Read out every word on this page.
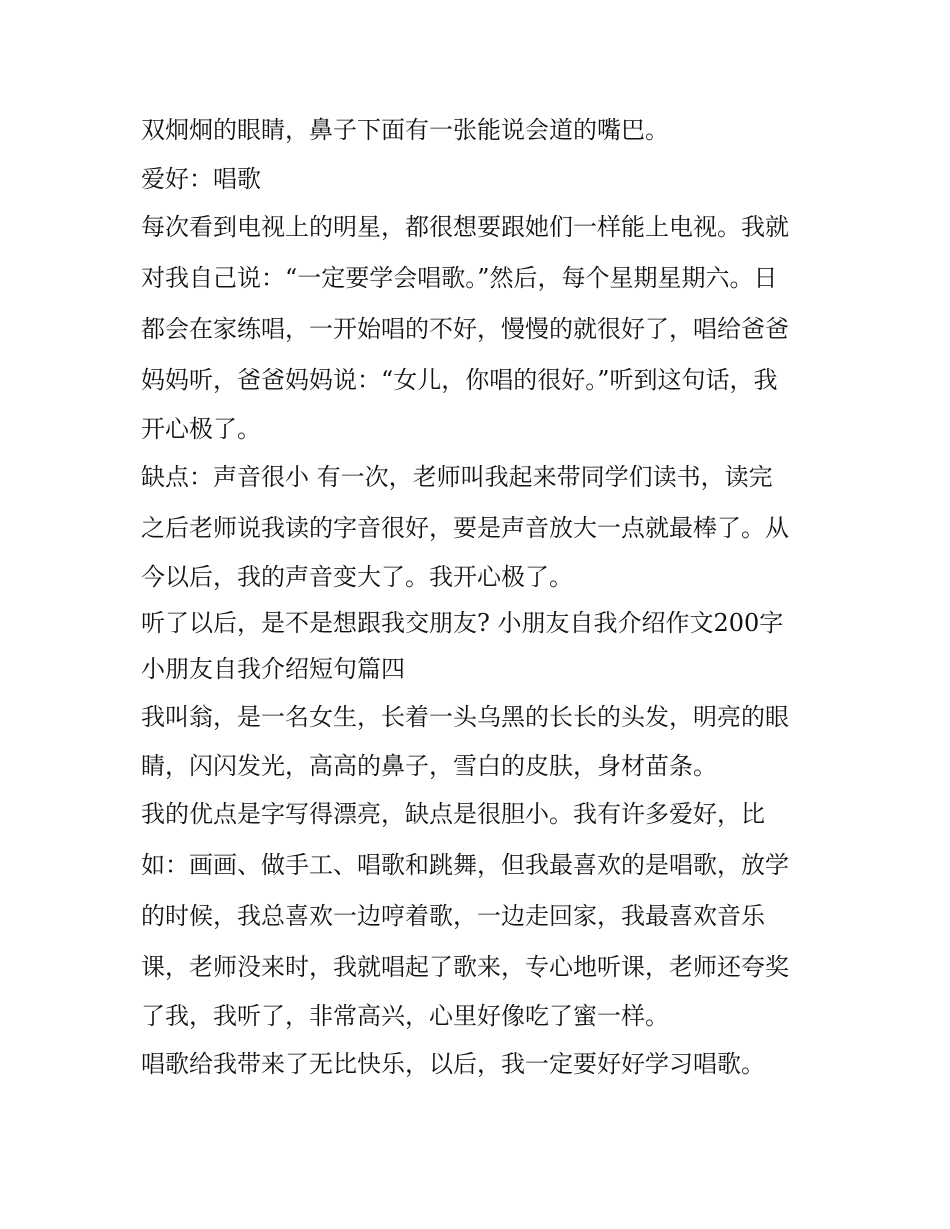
双炯炯的眼睛，鼻子下面有一张能说会道的嘴巴。
爱好：唱歌
每次看到电视上的明星，都很想要跟她们一样能上电视。我就
对我自己说：“一定要学会唱歌。”然后，每个星期星期六。日
都会在家练唱，一开始唱的不好，慢慢的就很好了，唱给爸爸
妈妈听，爸爸妈妈说：“女儿，你唱的很好。”听到这句话，我
开心极了。
缺点：声音很小 有一次，老师叫我起来带同学们读书，读完
之后老师说我读的字音很好，要是声音放大一点就最棒了。从
今以后，我的声音变大了。我开心极了。
听了以后，是不是想跟我交朋友? 小朋友自我介绍作文200字
小朋友自我介绍短句篇四
我叫翁，是一名女生，长着一头乌黑的长长的头发，明亮的眼
睛，闪闪发光，高高的鼻子，雪白的皮肤，身材苗条。
我的优点是字写得漂亮，缺点是很胆小。我有许多爱好，比
如：画画、做手工、唱歌和跳舞，但我最喜欢的是唱歌，放学
的时候，我总喜欢一边哼着歌，一边走回家，我最喜欢音乐
课，老师没来时，我就唱起了歌来，专心地听课，老师还夸奖
了我，我听了，非常高兴，心里好像吃了蜜一样。
唱歌给我带来了无比快乐，以后，我一定要好好学习唱歌。
